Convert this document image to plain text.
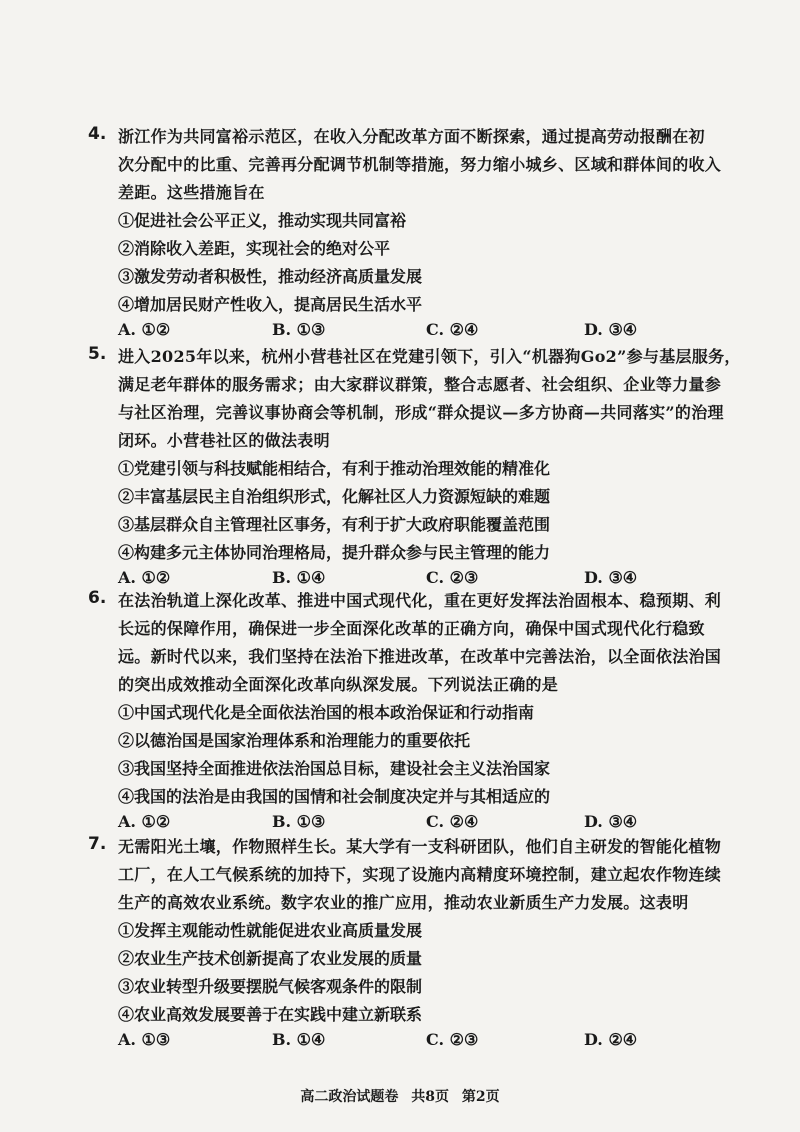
4. 浙江作为共同富裕示范区，在收入分配改革方面不断探索，通过提高劳动报酬在初
次分配中的比重、完善再分配调节机制等措施，努力缩小城乡、区域和群体间的收入
差距。这些措施旨在
①促进社会公平正义，推动实现共同富裕
②消除收入差距，实现社会的绝对公平
③激发劳动者积极性，推动经济高质量发展
④增加居民财产性收入，提高居民生活水平
A. ①②	B. ①③	C. ②④	D. ③④
5. 进入2025年以来，杭州小营巷社区在党建引领下，引入“机器狗Go2”参与基层服务，
满足老年群体的服务需求；由大家群议群策，整合志愿者、社会组织、企业等力量参
与社区治理，完善议事协商会等机制，形成“群众提议—多方协商—共同落实”的治理
闭环。小营巷社区的做法表明
①党建引领与科技赋能相结合，有利于推动治理效能的精准化
②丰富基层民主自治组织形式，化解社区人力资源短缺的难题
③基层群众自主管理社区事务，有利于扩大政府职能覆盖范围
④构建多元主体协同治理格局，提升群众参与民主管理的能力
A. ①②	B. ①④	C. ②③	D. ③④
6. 在法治轨道上深化改革、推进中国式现代化，重在更好发挥法治固根本、稳预期、利
长远的保障作用，确保进一步全面深化改革的正确方向，确保中国式现代化行稳致
远。新时代以来，我们坚持在法治下推进改革，在改革中完善法治，以全面依法治国
的突出成效推动全面深化改革向纵深发展。下列说法正确的是
①中国式现代化是全面依法治国的根本政治保证和行动指南
②以德治国是国家治理体系和治理能力的重要依托
③我国坚持全面推进依法治国总目标，建设社会主义法治国家
④我国的法治是由我国的国情和社会制度决定并与其相适应的
A. ①②	B. ①③	C. ②④	D. ③④
7. 无需阳光土壤，作物照样生长。某大学有一支科研团队，他们自主研发的智能化植物
工厂，在人工气候系统的加持下，实现了设施内高精度环境控制，建立起农作物连续
生产的高效农业系统。数字农业的推广应用，推动农业新质生产力发展。这表明
①发挥主观能动性就能促进农业高质量发展
②农业生产技术创新提高了农业发展的质量
③农业转型升级要摆脱气候客观条件的限制
④农业高效发展要善于在实践中建立新联系
A. ①③	B. ①④	C. ②③	D. ②④
高二政治试题卷 共8页 第2页
